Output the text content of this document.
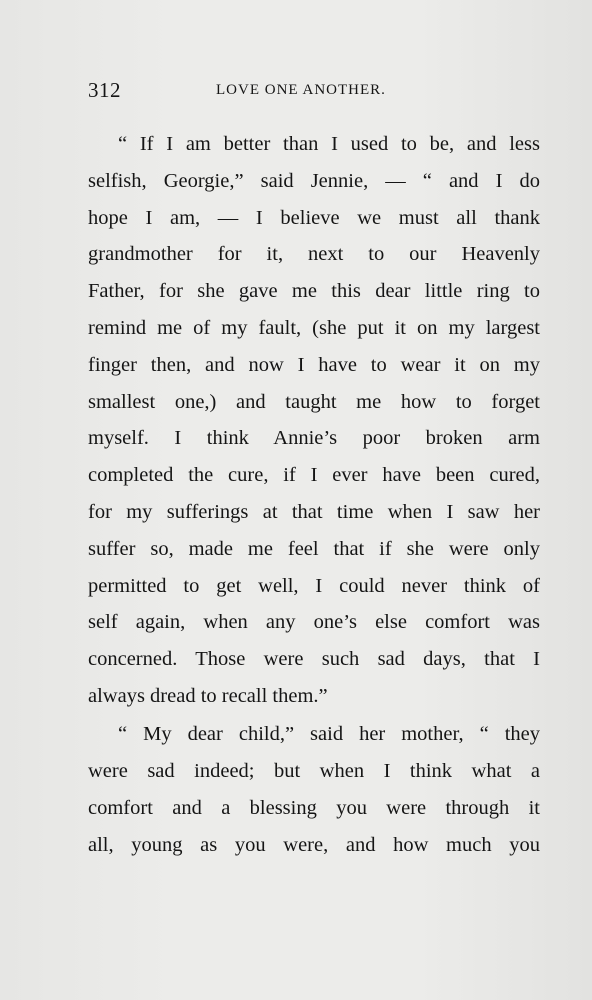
312	LOVE ONE ANOTHER.
“ If I am better than I used to be, and less
selfish, Georgie,” said Jennie, — “ and I do
hope I am, — I believe we must all thank
grandmother for it, next to our Heavenly
Father, for she gave me this dear little ring to
remind me of my fault, (she put it on my largest
finger then, and now I have to wear it on my
smallest one,) and taught me how to forget
myself. I think Annie’s poor broken arm
completed the cure, if I ever have been cured,
for my sufferings at that time when I saw her
suffer so, made me feel that if she were only
permitted to get well, I could never think of
self again, when any one’s else comfort was
concerned. Those were such sad days, that I
always dread to recall them.”
“ My dear child,” said her mother, “ they
were sad indeed; but when I think what a
comfort and a blessing you were through it
all, young as you were, and how much you
